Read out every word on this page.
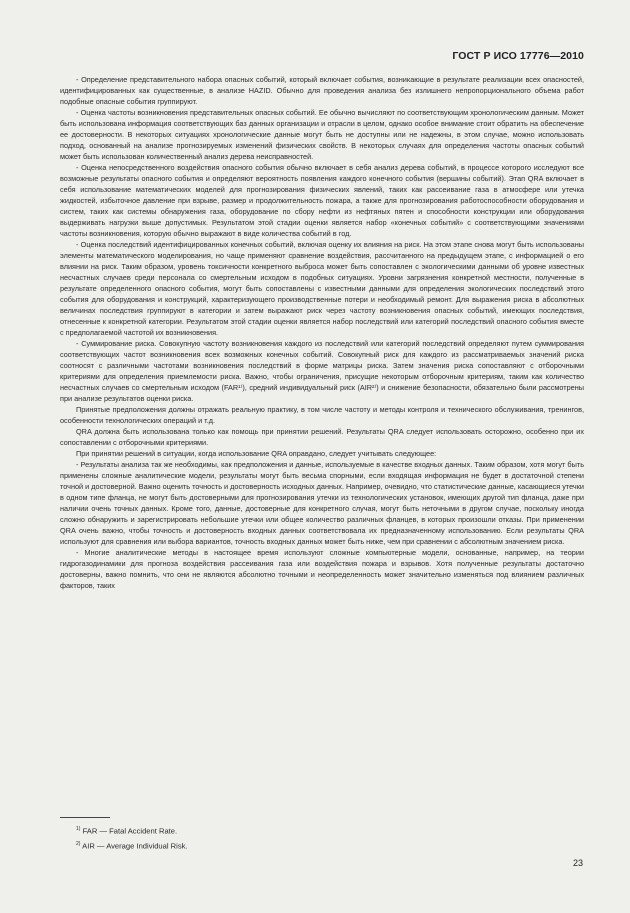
ГОСТ Р ИСО 17776—2010

- Определение представительного набора опасных событий, который включает события, возникающие в результате реализации всех опасностей, идентифицированных как существенные, в анализе HAZID. Обычно для проведения анализа без излишнего непропорционального объема работ подобные опасные события группируют.

- Оценка частоты возникновения представительных опасных событий. Ее обычно вычисляют по соответствующим хронологическим данным. Может быть использована информация соответствующих баз данных организации и отрасли в целом, однако особое внимание стоит обратить на обеспечение ее достоверности. В некоторых ситуациях хронологические данные могут быть не доступны или не надежны, в этом случае, можно использовать подход, основанный на анализе прогнозируемых изменений физических свойств. В некоторых случаях для определения частоты опасных событий может быть использован количественный анализ дерева неисправностей.

- Оценка непосредственного воздействия опасного события обычно включает в себя анализ дерева событий, в процессе которого исследуют все возможные результаты опасного события и определяют вероятность появления каждого конечного события (вершины событий). Этап QRA включает в себя использование математических моделей для прогнозирования физических явлений, таких как рассеивание газа в атмосфере или утечка жидкостей, избыточное давление при взрыве, размер и продолжительность пожара, а также для прогнозирования работоспособности оборудования и систем, таких как системы обнаружения газа, оборудование по сбору нефти из нефтяных пятен и способности конструкции или оборудования выдерживать нагрузки выше допустимых. Результатом этой стадии оценки является набор «конечных событий» с соответствующими значениями частоты возникновения, которую обычно выражают в виде количества событий в год.

- Оценка последствий идентифицированных конечных событий, включая оценку их влияния на риск. На этом этапе снова могут быть использованы элементы математического моделирования, но чаще применяют сравнение воздействия, рассчитанного на предыдущем этапе, с информацией о его влиянии на риск. Таким образом, уровень токсичности конкретного выброса может быть сопоставлен с экологическими данными об уровне известных несчастных случаев среди персонала со смертельным исходом в подобных ситуациях. Уровни загрязнения конкретной местности, полученные в результате определенного опасного события, могут быть сопоставлены с известными данными для определения экологических последствий этого события для оборудования и конструкций, характеризующего производственные потери и необходимый ремонт. Для выражения риска в абсолютных величинах последствия группируют в категории и затем выражают риск через частоту возникновения опасных событий, имеющих последствия, отнесенные к конкретной категории. Результатом этой стадии оценки является набор последствий или категорий последствий опасного события вместе с предполагаемой частотой их возникновения.

- Суммирование риска. Совокупную частоту возникновения каждого из последствий или категорий последствий определяют путем суммирования соответствующих частот возникновения всех возможных конечных событий. Совокупный риск для каждого из рассматриваемых значений риска соотносят с различными частотами возникновения последствий в форме матрицы риска. Затем значения риска сопоставляют с отборочными критериями для определения приемлемости риска. Важно, чтобы ограничения, присущие некоторым отборочным критериям, таким как количество несчастных случаев со смертельным исходом (FAR¹⁾), средний индивидуальный риск (AIR²⁾) и снижение безопасности, обязательно были рассмотрены при анализе результатов оценки риска.

Принятые предположения должны отражать реальную практику, в том числе частоту и методы контроля и технического обслуживания, тренингов, особенности технологических операций и т.д.

QRA должна быть использована только как помощь при принятии решений. Результаты QRA следует использовать осторожно, особенно при их сопоставлении с отборочными критериями.

При принятии решений в ситуации, когда использование QRA оправдано, следует учитывать следующее:

- Результаты анализа так же необходимы, как предположения и данные, используемые в качестве входных данных. Таким образом, хотя могут быть применены сложные аналитические модели, результаты могут быть весьма спорными, если входящая информация не будет в достаточной степени точной и достоверной. Важно оценить точность и достоверность исходных данных. Например, очевидно, что статистические данные, касающиеся утечки в одном типе фланца, не могут быть достоверными для прогнозирования утечки из технологических установок, имеющих другой тип фланца, даже при наличии очень точных данных. Кроме того, данные, достоверные для конкретного случая, могут быть неточными в другом случае, поскольку иногда сложно обнаружить и зарегистрировать небольшие утечки или общее количество различных фланцев, в которых произошли отказы. При применении QRA очень важно, чтобы точность и достоверность входных данных соответствовала их предназначенному использованию. Если результаты QRA используют для сравнения или выбора вариантов, точность входных данных может быть ниже, чем при сравнении с абсолютным значением риска.

- Многие аналитические методы в настоящее время используют сложные компьютерные модели, основанные, например, на теории гидрогазодинамики для прогноза воздействия рассеивания газа или воздействия пожара и взрывов. Хотя полученные результаты достаточно достоверны, важно помнить, что они не являются абсолютно точными и неопределенность может значительно изменяться под влиянием различных факторов, таких

$^{1)}$ FAR — Fatal Accident Rate.
$^{2)}$ AIR — Average Individual Risk.
23
